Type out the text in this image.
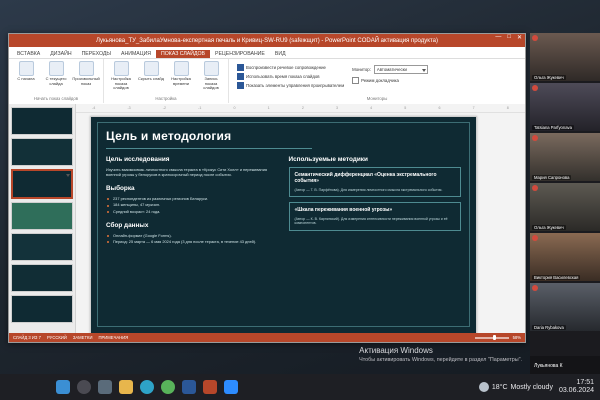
Лукьянова_ТУ_ЗабилаУмнова-експертная печаль и Кривиц-SW-RU9 (safeжщит) - PowerPoint CODAЙ активация продукта)
— □ ✕
ВСТАВКА	ДИЗАЙН	ПЕРЕХОДЫ	АНИМАЦИЯ	ПОКАЗ СЛАЙДОВ	РЕЦЕНЗИРОВАНИЕ	ВИД
С начала	С текущего слайда
Произвольный показ
Начать показ слайдов
Настройка показа слайдов
Скрыть слайд	Настройка времени
Запись показа слайдов
Настройка
Воспроизвести речевое сопровождение
Использовать время показа слайдов
Показать элементы управления проигрывателем
Монитор:	Автоматически
Режим докладчика
Мониторы
-4	-3	-2	-1	0	1	2	3	4	5	6	7	8
Цель и методология
Цель исследования
Изучить взаимосвязь личностного смысла теракта в «Крокус Сити Холл» и переживания военной угрозы у белорусов в краткосрочный период после события.
Выборка
237 респондентов из различных регионов Беларуси.
184 женщины, 47 мужчин.
Средний возраст: 24 года.
Сбор данных
Онлайн-формат (Google Forms).
Период: 25 марта — 6 мая 2024 года (3 дня после теракта, в течение 43 дней).
Используемые методики
Семантический дифференциал «Оценка экстремального события»
(Автор — Т. В. Парфёнова). Для измерения личностного смысла экстремального события.
«Шкала переживания военной угрозы»
(Автор — К. В. Карпинский). Для измерения интенсивности переживания военной угрозы и её компонентов.
СЛАЙД 3 ИЗ 7 РУССКИЙ ЗАМЕТКИ ПРИМЕЧАНИЯ	58%
Ольга Жукевич
Tatsiana Parfyonava
Мария Сапронова
Ольга Жукевич
Виктория Василевская
Daria Rybakova
Лукьянова К
Активация Windows
Чтобы активировать Windows, перейдите в раздел "Параметры".
18°C Mostly cloudy
17:51
03.06.2024
